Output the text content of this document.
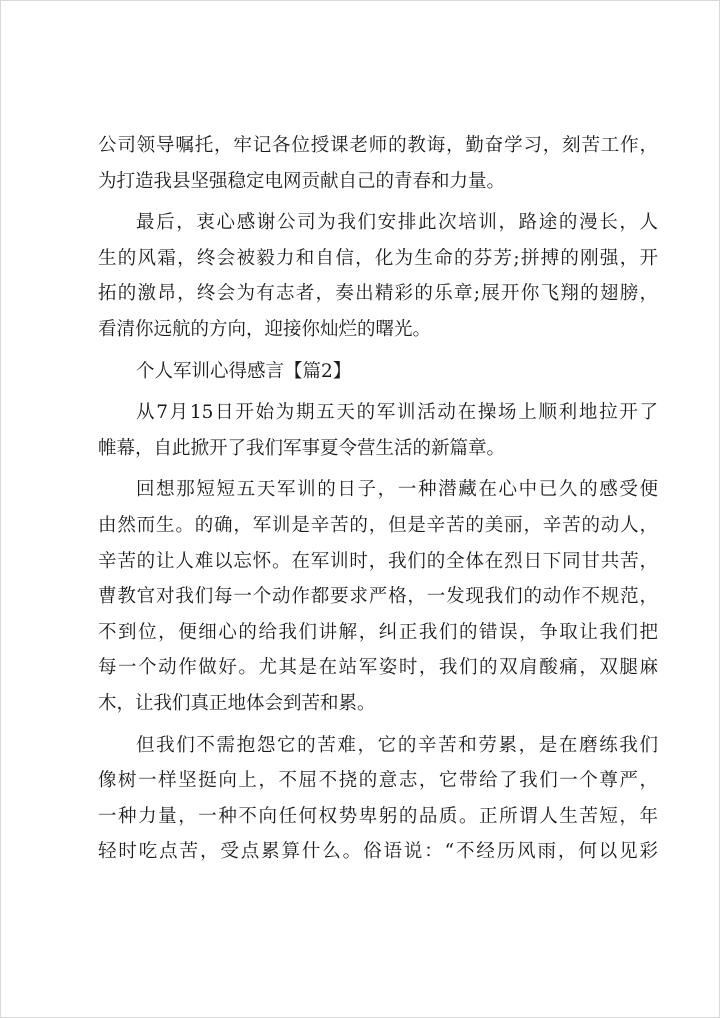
公司领导嘱托，牢记各位授课老师的教诲，勤奋学习，刻苦工作，
为打造我县坚强稳定电网贡献自己的青春和力量。
最后，衷心感谢公司为我们安排此次培训，路途的漫长，人
生的风霜，终会被毅力和自信，化为生命的芬芳;拼搏的刚强，开
拓的激昂，终会为有志者，奏出精彩的乐章;展开你飞翔的翅膀，
看清你远航的方向，迎接你灿烂的曙光。
个人军训心得感言【篇2】
从7月15日开始为期五天的军训活动在操场上顺利地拉开了
帷幕，自此掀开了我们军事夏令营生活的新篇章。
回想那短短五天军训的日子，一种潜藏在心中已久的感受便
由然而生。的确，军训是辛苦的，但是辛苦的美丽，辛苦的动人，
辛苦的让人难以忘怀。在军训时，我们的全体在烈日下同甘共苦，
曹教官对我们每一个动作都要求严格，一发现我们的动作不规范，
不到位，便细心的给我们讲解，纠正我们的错误，争取让我们把
每一个动作做好。尤其是在站军姿时，我们的双肩酸痛，双腿麻
木，让我们真正地体会到苦和累。
但我们不需抱怨它的苦难，它的辛苦和劳累，是在磨练我们
像树一样坚挺向上，不屈不挠的意志，它带给了我们一个尊严，
一种力量，一种不向任何权势卑躬的品质。正所谓人生苦短，年
轻时吃点苦，受点累算什么。俗语说：“不经历风雨，何以见彩
